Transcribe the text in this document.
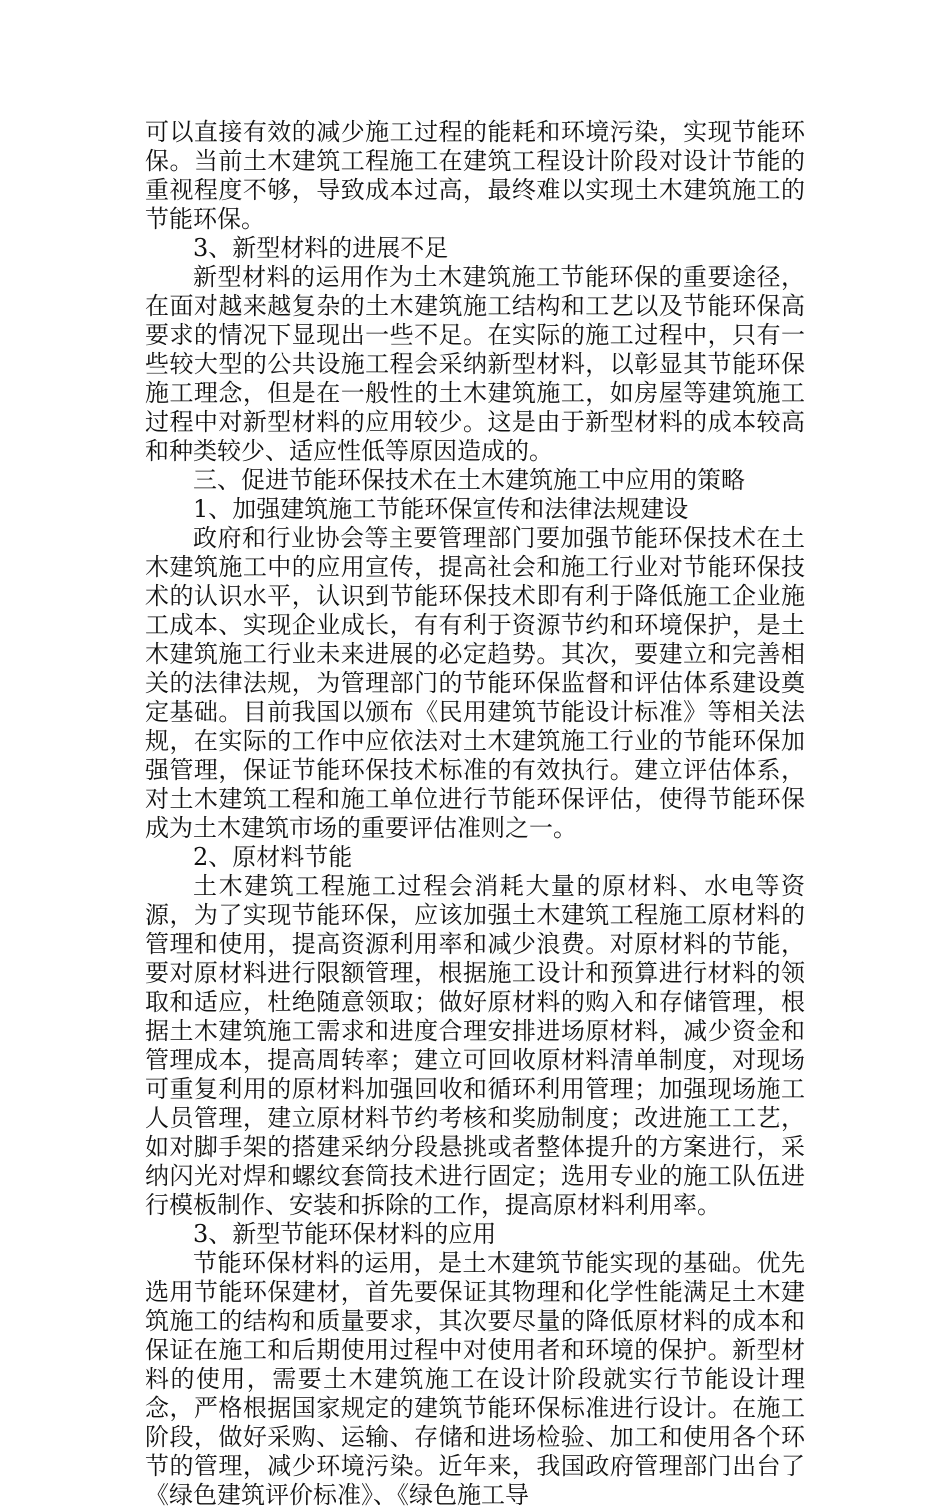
可以直接有效的减少施工过程的能耗和环境污染，实现节能环保。当前土木建筑工程施工在建筑工程设计阶段对设计节能的重视程度不够，导致成本过高，最终难以实现土木建筑施工的节能环保。

3、新型材料的进展不足

新型材料的运用作为土木建筑施工节能环保的重要途径，在面对越来越复杂的土木建筑施工结构和工艺以及节能环保高要求的情况下显现出一些不足。在实际的施工过程中，只有一些较大型的公共设施工程会采纳新型材料，以彰显其节能环保施工理念，但是在一般性的土木建筑施工，如房屋等建筑施工过程中对新型材料的应用较少。这是由于新型材料的成本较高和种类较少、适应性低等原因造成的。

三、促进节能环保技术在土木建筑施工中应用的策略

1、加强建筑施工节能环保宣传和法律法规建设

政府和行业协会等主要管理部门要加强节能环保技术在土木建筑施工中的应用宣传，提高社会和施工行业对节能环保技术的认识水平，认识到节能环保技术即有利于降低施工企业施工成本、实现企业成长，有有利于资源节约和环境保护，是土木建筑施工行业未来进展的必定趋势。其次，要建立和完善相关的法律法规，为管理部门的节能环保监督和评估体系建设奠定基础。目前我国以颁布《民用建筑节能设计标准》等相关法规，在实际的工作中应依法对土木建筑施工行业的节能环保加强管理，保证节能环保技术标准的有效执行。建立评估体系，对土木建筑工程和施工单位进行节能环保评估，使得节能环保成为土木建筑市场的重要评估准则之一。

2、原材料节能

土木建筑工程施工过程会消耗大量的原材料、水电等资源，为了实现节能环保，应该加强土木建筑工程施工原材料的管理和使用，提高资源利用率和减少浪费。对原材料的节能，要对原材料进行限额管理，根据施工设计和预算进行材料的领取和适应，杜绝随意领取；做好原材料的购入和存储管理，根据土木建筑施工需求和进度合理安排进场原材料，减少资金和管理成本，提高周转率；建立可回收原材料清单制度，对现场可重复利用的原材料加强回收和循环利用管理；加强现场施工人员管理，建立原材料节约考核和奖励制度；改进施工工艺，如对脚手架的搭建采纳分段悬挑或者整体提升的方案进行，采纳闪光对焊和螺纹套筒技术进行固定；选用专业的施工队伍进行模板制作、安装和拆除的工作，提高原材料利用率。

3、新型节能环保材料的应用

节能环保材料的运用，是土木建筑节能实现的基础。优先选用节能环保建材，首先要保证其物理和化学性能满足土木建筑施工的结构和质量要求，其次要尽量的降低原材料的成本和保证在施工和后期使用过程中对使用者和环境的保护。新型材料的使用，需要土木建筑施工在设计阶段就实行节能设计理念，严格根据国家规定的建筑节能环保标准进行设计。在施工阶段，做好采购、运输、存储和进场检验、加工和使用各个环节的管理，减少环境污染。近年来，我国政府管理部门出台了《绿色建筑评价标准》、《绿色施工导
